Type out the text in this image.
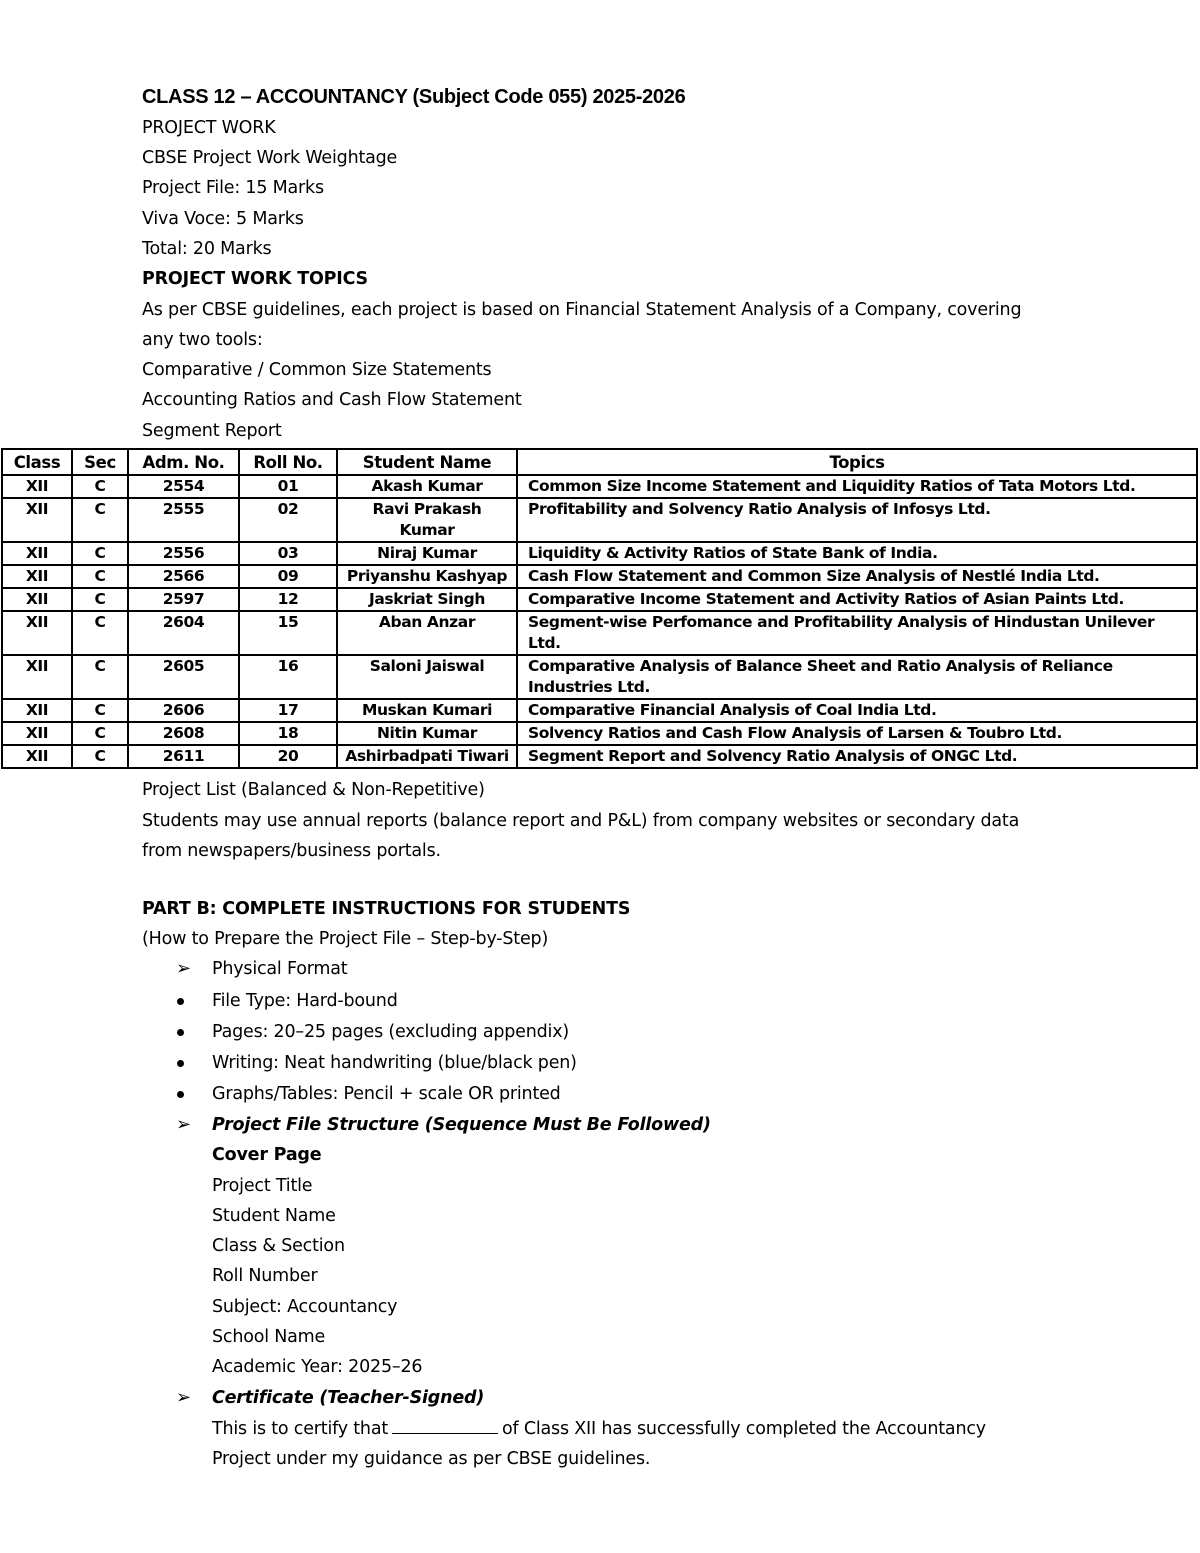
CLASS 12 – ACCOUNTANCY (Subject Code 055) 2025-2026
PROJECT WORK
CBSE Project Work Weightage
Project File: 15 Marks
Viva Voce: 5 Marks
Total: 20 Marks
PROJECT WORK TOPICS
As per CBSE guidelines, each project is based on Financial Statement Analysis of a Company, covering
any two tools:
Comparative / Common Size Statements
Accounting Ratios and Cash Flow Statement
Segment Report
Class	Sec	Adm. No.	Roll No.	Student Name	Topics
XII	C	2554	01	Akash Kumar	Common Size Income Statement and Liquidity Ratios of Tata Motors Ltd.
XII	C	2555	02	Ravi Prakash Kumar	Profitability and Solvency Ratio Analysis of Infosys Ltd.
XII	C	2556	03	Niraj Kumar	Liquidity & Activity Ratios of State Bank of India.
XII	C	2566	09	Priyanshu Kashyap	Cash Flow Statement and Common Size Analysis of Nestlé India Ltd.
XII	C	2597	12	Jaskriat Singh	Comparative Income Statement and Activity Ratios of Asian Paints Ltd.
XII	C	2604	15	Aban Anzar	Segment-wise Perfomance and Profitability Analysis of Hindustan Unilever Ltd.
XII	C	2605	16	Saloni Jaiswal	Comparative Analysis of Balance Sheet and Ratio Analysis of Reliance Industries Ltd.
XII	C	2606	17	Muskan Kumari	Comparative Financial Analysis of Coal India Ltd.
XII	C	2608	18	Nitin Kumar	Solvency Ratios and Cash Flow Analysis of Larsen & Toubro Ltd.
XII	C	2611	20	Ashirbadpati Tiwari	Segment Report and Solvency Ratio Analysis of ONGC Ltd.
Project List (Balanced & Non-Repetitive)
Students may use annual reports (balance report and P&L) from company websites or secondary data
from newspapers/business portals.
PART B: COMPLETE INSTRUCTIONS FOR STUDENTS
(How to Prepare the Project File – Step-by-Step)
➢ Physical Format
File Type: Hard-bound
Pages: 20–25 pages (excluding appendix)
Writing: Neat handwriting (blue/black pen)
Graphs/Tables: Pencil + scale OR printed
➢ Project File Structure (Sequence Must Be Followed)
Cover Page
Project Title
Student Name
Class & Section
Roll Number
Subject: Accountancy
School Name
Academic Year: 2025–26
➢ Certificate (Teacher-Signed)
This is to certify that	of Class XII has successfully completed the Accountancy
Project under my guidance as per CBSE guidelines.
